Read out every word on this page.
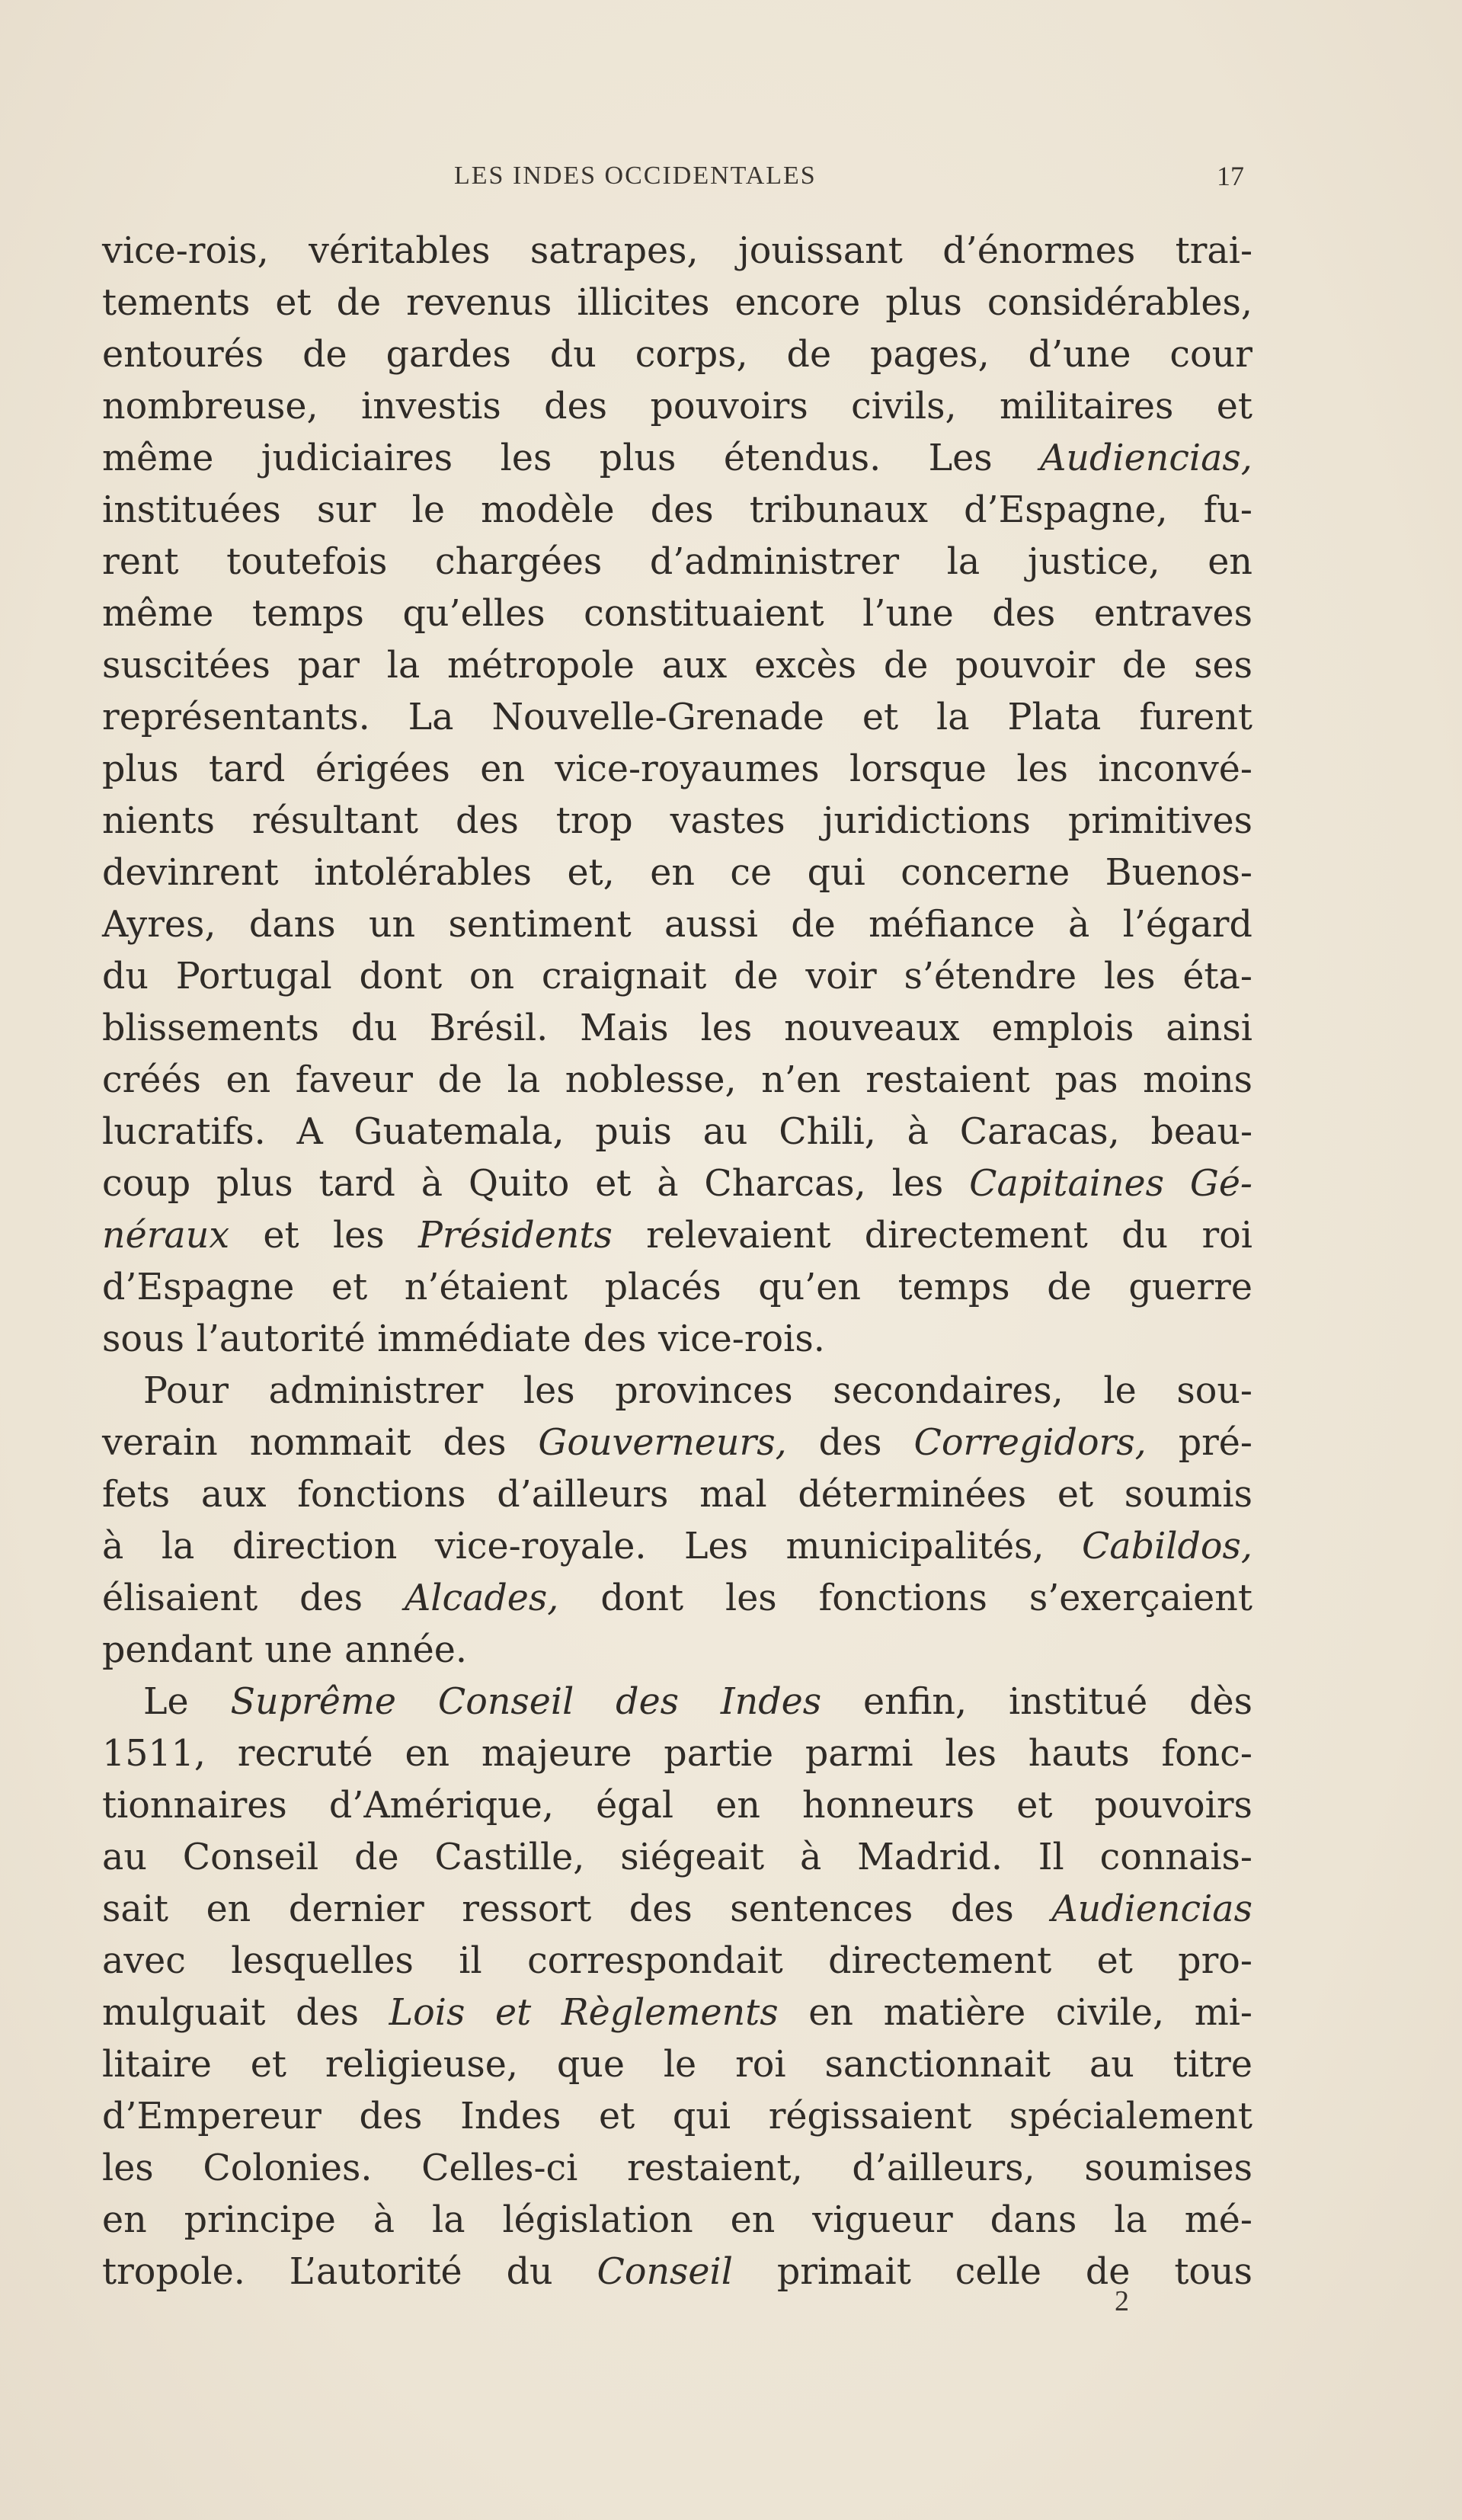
LES INDES OCCIDENTALES	17
vice-rois, véritables satrapes, jouissant d’énormes trai-
tements et de revenus illicites encore plus considérables,
entourés de gardes du corps, de pages, d’une cour
nombreuse, investis des pouvoirs civils, militaires et
même judiciaires les plus étendus. Les Audiencias,
instituées sur le modèle des tribunaux d’Espagne, fu-
rent toutefois chargées d’administrer la justice, en
même temps qu’elles constituaient l’une des entraves
suscitées par la métropole aux excès de pouvoir de ses
représentants. La Nouvelle-Grenade et la Plata furent
plus tard érigées en vice-royaumes lorsque les inconvé-
nients résultant des trop vastes juridictions primitives
devinrent intolérables et, en ce qui concerne Buenos-
Ayres, dans un sentiment aussi de méfiance à l’égard
du Portugal dont on craignait de voir s’étendre les éta-
blissements du Brésil. Mais les nouveaux emplois ainsi
créés en faveur de la noblesse, n’en restaient pas moins
lucratifs. A Guatemala, puis au Chili, à Caracas, beau-
coup plus tard à Quito et à Charcas, les Capitaines Gé-
néraux et les Présidents relevaient directement du roi
d’Espagne et n’étaient placés qu’en temps de guerre
sous l’autorité immédiate des vice-rois.
Pour administrer les provinces secondaires, le sou-
verain nommait des Gouverneurs, des Corregidors, pré-
fets aux fonctions d’ailleurs mal déterminées et soumis
à la direction vice-royale. Les municipalités, Cabildos,
élisaient des Alcades, dont les fonctions s’exerçaient
pendant une année.
Le Suprême Conseil des Indes enfin, institué dès
1511, recruté en majeure partie parmi les hauts fonc-
tionnaires d’Amérique, égal en honneurs et pouvoirs
au Conseil de Castille, siégeait à Madrid. Il connais-
sait en dernier ressort des sentences des Audiencias
avec lesquelles il correspondait directement et pro-
mulguait des Lois et Règlements en matière civile, mi-
litaire et religieuse, que le roi sanctionnait au titre
d’Empereur des Indes et qui régissaient spécialement
les Colonies. Celles-ci restaient, d’ailleurs, soumises
en principe à la législation en vigueur dans la mé-
tropole. L’autorité du Conseil primait celle de tous
2
